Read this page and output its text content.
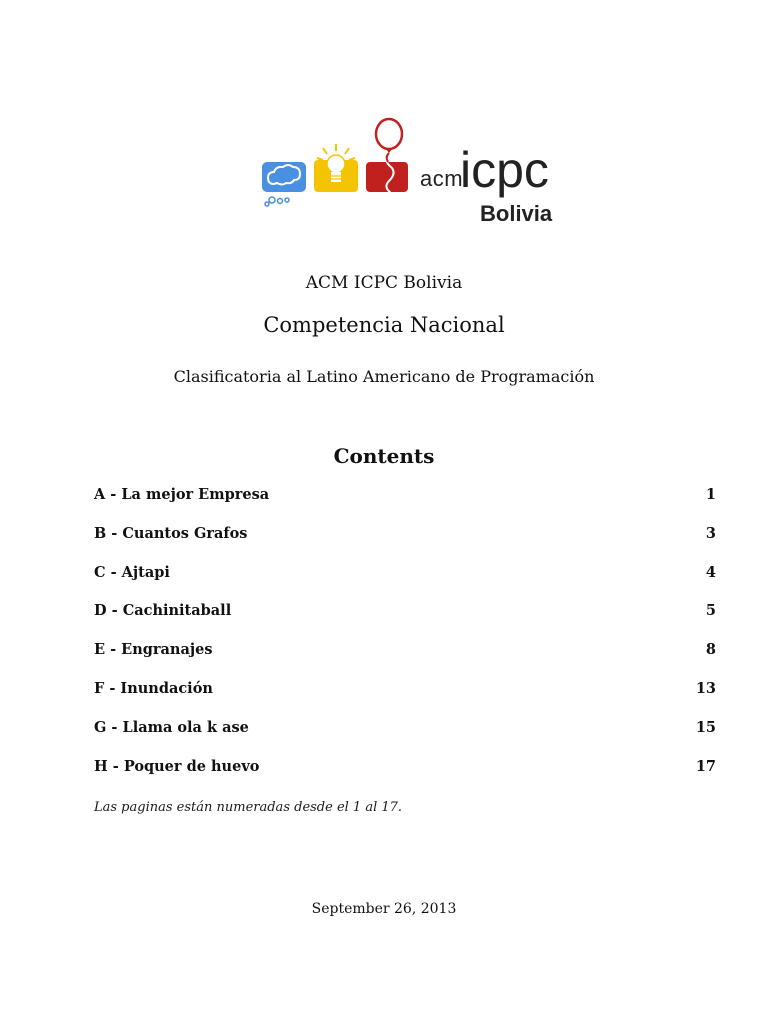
acm
icpc
Bolivia
ACM ICPC Bolivia
Competencia Nacional
Clasificatoria al Latino Americano de Programación
Contents
A - La mejor Empresa	1
B - Cuantos Grafos	3
C - Ajtapi	4
D - Cachinitaball	5
E - Engranajes	8
F - Inundación	13
G - Llama ola k ase	15
H - Poquer de huevo	17
Las paginas están numeradas desde el 1 al 17.
September 26, 2013
